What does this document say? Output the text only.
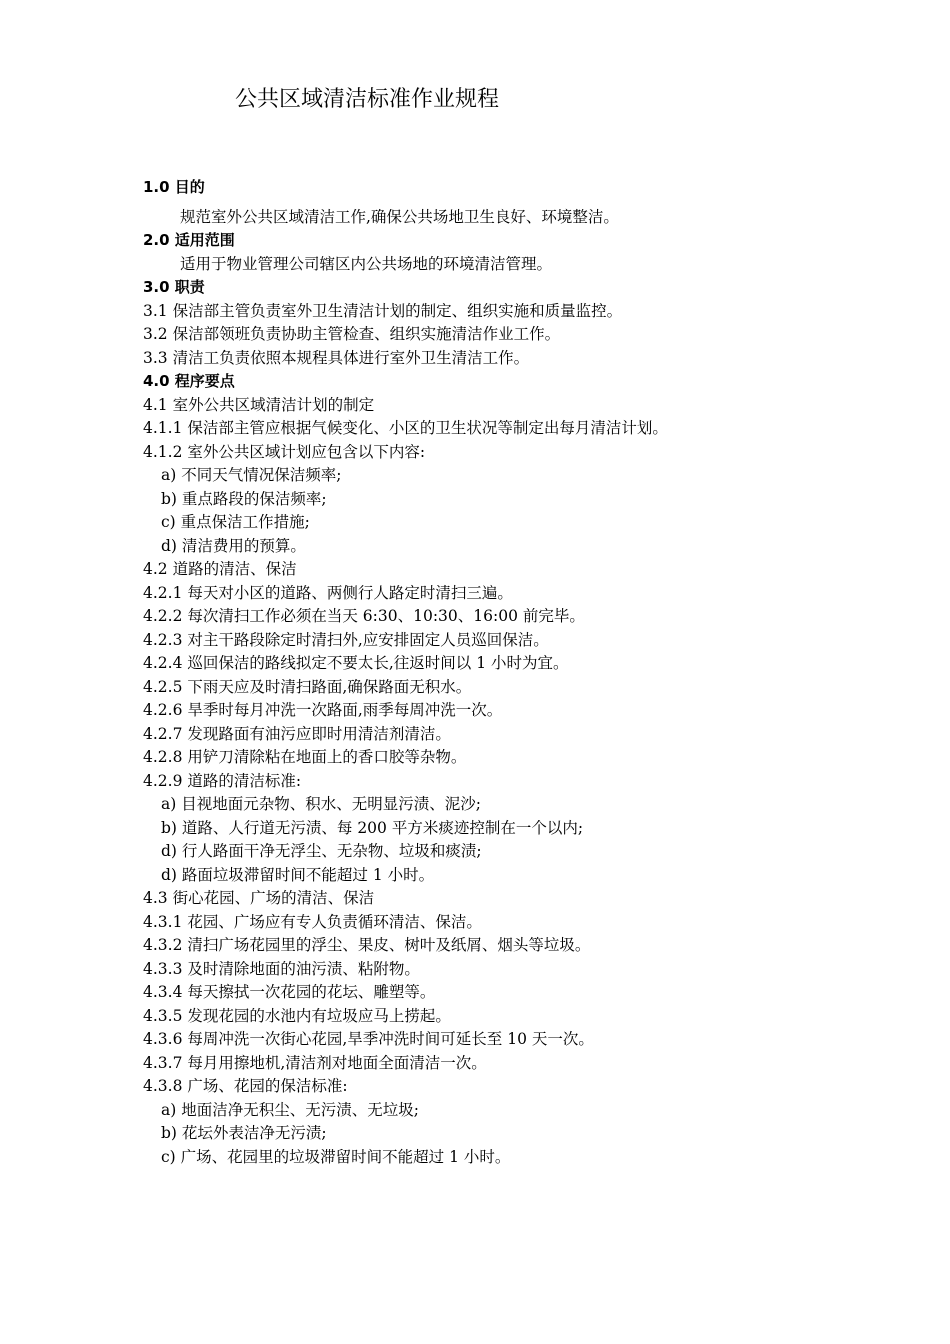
公共区域清洁标准作业规程
1.0 目的
规范室外公共区域清洁工作,确保公共场地卫生良好、环境整洁。
2.0 适用范围
适用于物业管理公司辖区内公共场地的环境清洁管理。
3.0 职责
3.1 保洁部主管负责室外卫生清洁计划的制定、组织实施和质量监控。
3.2 保洁部领班负责协助主管检查、组织实施清洁作业工作。
3.3 清洁工负责依照本规程具体进行室外卫生清洁工作。
4.0 程序要点
4.1 室外公共区域清洁计划的制定
4.1.1 保洁部主管应根据气候变化、小区的卫生状况等制定出每月清洁计划。
4.1.2 室外公共区域计划应包含以下内容:
a) 不同天气情况保洁频率;
b) 重点路段的保洁频率;
c) 重点保洁工作措施;
d) 清洁费用的预算。
4.2 道路的清洁、保洁
4.2.1 每天对小区的道路、两侧行人路定时清扫三遍。
4.2.2 每次清扫工作必须在当天 6:30、10:30、16:00 前完毕。
4.2.3 对主干路段除定时清扫外,应安排固定人员巡回保洁。
4.2.4 巡回保洁的路线拟定不要太长,往返时间以 1 小时为宜。
4.2.5 下雨天应及时清扫路面,确保路面无积水。
4.2.6 旱季时每月冲洗一次路面,雨季每周冲洗一次。
4.2.7 发现路面有油污应即时用清洁剂清洁。
4.2.8 用铲刀清除粘在地面上的香口胶等杂物。
4.2.9 道路的清洁标准:
a) 目视地面元杂物、积水、无明显污渍、泥沙;
b) 道路、人行道无污渍、每 200 平方米痰迹控制在一个以内;
d) 行人路面干净无浮尘、无杂物、垃圾和痰渍;
d) 路面垃圾滞留时间不能超过 1 小时。
4.3 街心花园、广场的清洁、保洁
4.3.1 花园、广场应有专人负责循环清洁、保洁。
4.3.2 清扫广场花园里的浮尘、果皮、树叶及纸屑、烟头等垃圾。
4.3.3 及时清除地面的油污渍、粘附物。
4.3.4 每天擦拭一次花园的花坛、雕塑等。
4.3.5 发现花园的水池内有垃圾应马上捞起。
4.3.6 每周冲洗一次街心花园,旱季冲洗时间可延长至 10 天一次。
4.3.7 每月用擦地机,清洁剂对地面全面清洁一次。
4.3.8 广场、花园的保洁标准:
a) 地面洁净无积尘、无污渍、无垃圾;
b) 花坛外表洁净无污渍;
c) 广场、花园里的垃圾滞留时间不能超过 1 小时。
